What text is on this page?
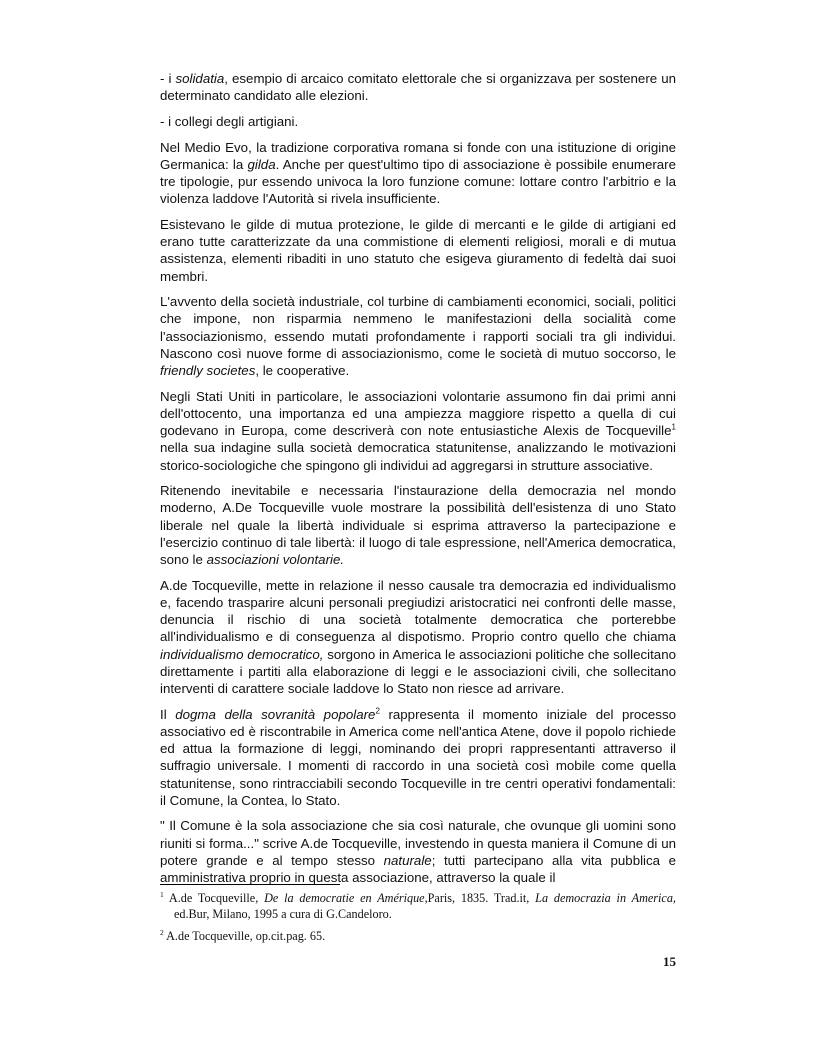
- i solidatia, esempio di arcaico comitato elettorale che si organizzava per sostenere un determinato candidato alle elezioni.

- i collegi degli artigiani.

Nel Medio Evo, la tradizione corporativa romana si fonde con una istituzione di origine Germanica: la gilda. Anche per quest'ultimo tipo di associazione è possibile enumerare tre tipologie, pur essendo univoca la loro funzione comune: lottare contro l'arbitrio e la violenza laddove l'Autorità si rivela insufficiente.

Esistevano le gilde di mutua protezione, le gilde di mercanti e le gilde di artigiani ed erano tutte caratterizzate da una commistione di elementi religiosi, morali e di mutua assistenza, elementi ribaditi in uno statuto che esigeva giuramento di fedeltà dai suoi membri.

L'avvento della società industriale, col turbine di cambiamenti economici, sociali, politici che impone, non risparmia nemmeno le manifestazioni della socialità come l'associazionismo, essendo mutati profondamente i rapporti sociali tra gli individui. Nascono così nuove forme di associazionismo, come le società di mutuo soccorso, le friendly societes, le cooperative.

Negli Stati Uniti in particolare, le associazioni volontarie assumono fin dai primi anni dell'ottocento, una importanza ed una ampiezza maggiore rispetto a quella di cui godevano in Europa, come descriverà con note entusiastiche Alexis de Tocqueville$^1$ nella sua indagine sulla società democratica statunitense, analizzando le motivazioni storico-sociologiche che spingono gli individui ad aggregarsi in strutture associative.

Ritenendo inevitabile e necessaria l'instaurazione della democrazia nel mondo moderno, A.De Tocqueville vuole mostrare la possibilità dell'esistenza di uno Stato liberale nel quale la libertà individuale si esprima attraverso la partecipazione e l'esercizio continuo di tale libertà: il luogo di tale espressione, nell'America democratica, sono le associazioni volontarie.

A.de Tocqueville, mette in relazione il nesso causale tra democrazia ed individualismo e, facendo trasparire alcuni personali pregiudizi aristocratici nei confronti delle masse, denuncia il rischio di una società totalmente democratica che porterebbe all'individualismo e di conseguenza al dispotismo. Proprio contro quello che chiama individualismo democratico, sorgono in America le associazioni politiche che sollecitano direttamente i partiti alla elaborazione di leggi e le associazioni civili, che sollecitano interventi di carattere sociale laddove lo Stato non riesce ad arrivare.

Il dogma della sovranità popolare$^2$ rappresenta il momento iniziale del processo associativo ed è riscontrabile in America come nell'antica Atene, dove il popolo richiede ed attua la formazione di leggi, nominando dei propri rappresentanti attraverso il suffragio universale. I momenti di raccordo in una società così mobile come quella statunitense, sono rintracciabili secondo Tocqueville in tre centri operativi fondamentali: il Comune, la Contea, lo Stato.

" Il Comune è la sola associazione che sia così naturale, che ovunque gli uomini sono riuniti si forma..." scrive A.de Tocqueville, investendo in questa maniera il Comune di un potere grande e al tempo stesso naturale; tutti partecipano alla vita pubblica e amministrativa proprio in questa associazione, attraverso la quale il

$^1$ A.de Tocqueville, De la democratie en Amérique,Paris, 1835. Trad.it, La democrazia in America, ed.Bur, Milano, 1995 a cura di G.Candeloro.

$^2$ A.de Tocqueville, op.cit.pag. 65.

15
